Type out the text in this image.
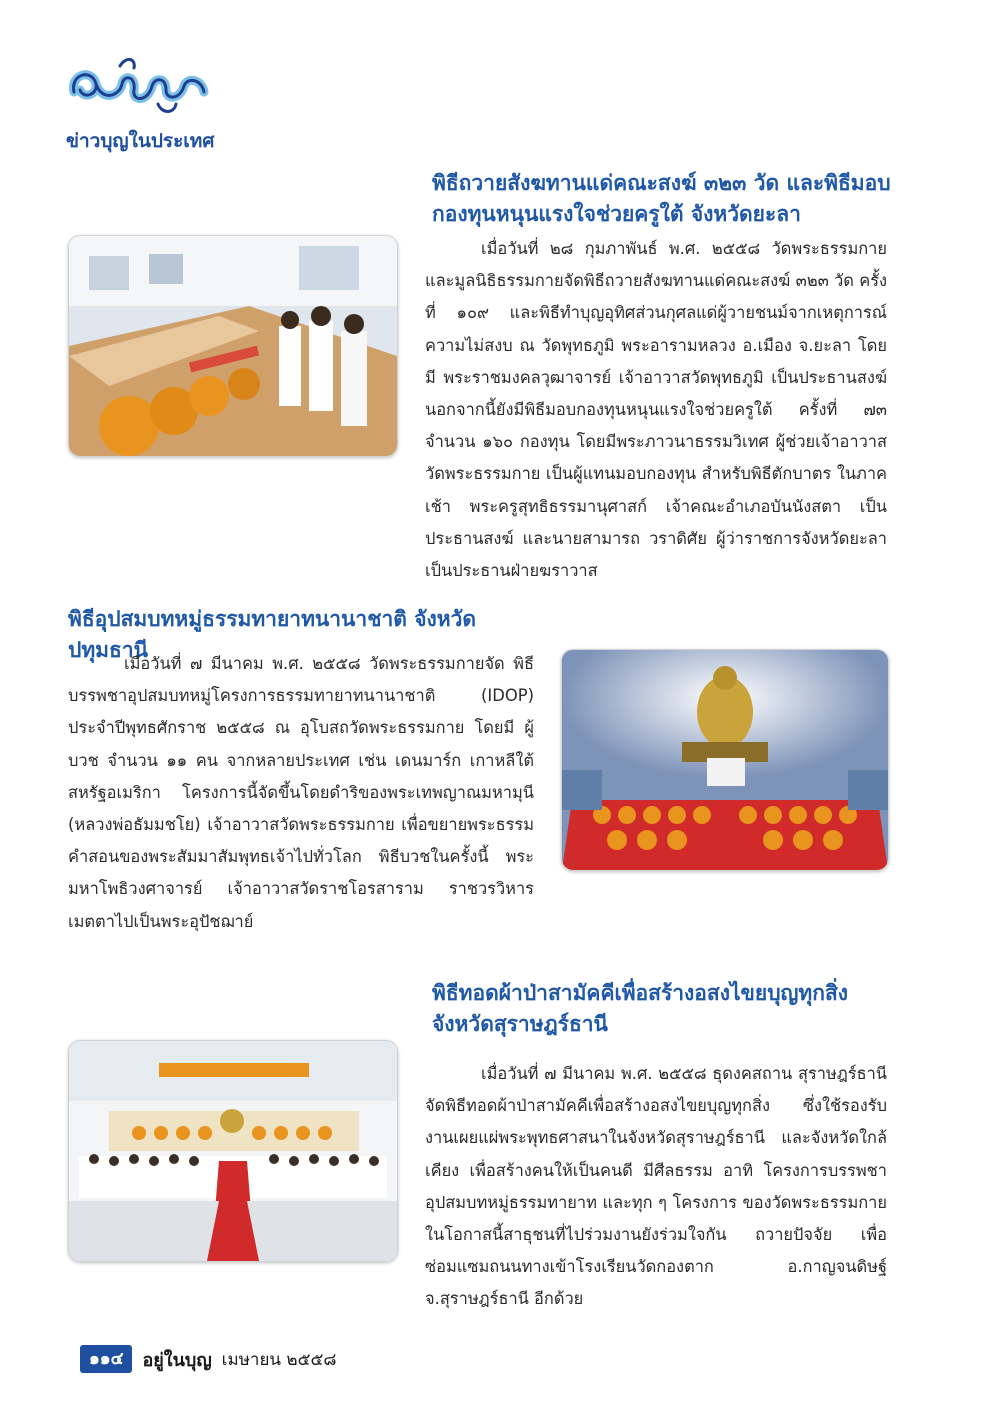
ข่าวบุญในประเทศ
พิธีถวายสังฆทานแด่คณะสงฆ์ ๓๒๓ วัด และพิธีมอบ
กองทุนหนุนแรงใจช่วยครูใต้ จังหวัดยะลา

เมื่อวันที่ ๒๘ กุมภาพันธ์ พ.ศ. ๒๕๕๘ วัดพระธรรมกาย และมูลนิธิธรรมกายจัดพิธีถวายสังฆทานแด่คณะสงฆ์ ๓๒๓ วัด ครั้งที่ ๑๐๙ และพิธีทำบุญอุทิศส่วนกุศลแด่ผู้วายชนม์จากเหตุการณ์ ความไม่สงบ ณ วัดพุทธภูมิ พระอารามหลวง อ.เมือง จ.ยะลา โดยมี พระราชมงคลวุฒาจารย์ เจ้าอาวาสวัดพุทธภูมิ เป็นประธานสงฆ์ นอกจากนี้ยังมีพิธีมอบกองทุนหนุนแรงใจช่วยครูใต้ ครั้งที่ ๗๓ จำนวน ๑๖๐ กองทุน โดยมีพระภาวนาธรรมวิเทศ ผู้ช่วยเจ้าอาวาส วัดพระธรรมกาย เป็นผู้แทนมอบกองทุน สำหรับพิธีตักบาตร ในภาคเช้า พระครูสุทธิธรรมานุศาสก์ เจ้าคณะอำเภอบันนังสตา เป็นประธานสงฆ์ และนายสามารถ วราดิศัย ผู้ว่าราชการจังหวัดยะลา เป็นประธานฝ่ายฆราวาส

พิธีอุปสมบทหมู่ธรรมทายาทนานาชาติ จังหวัดปทุมธานี

เมื่อวันที่ ๗ มีนาคม พ.ศ. ๒๕๕๘ วัดพระธรรมกายจัด พิธีบรรพชาอุปสมบทหมู่โครงการธรรมทายาทนานาชาติ (IDOP) ประจำปีพุทธศักราช ๒๕๕๘ ณ อุโบสถวัดพระธรรมกาย โดยมี ผู้บวช จำนวน ๑๑ คน จากหลายประเทศ เช่น เดนมาร์ก เกาหลีใต้ สหรัฐอเมริกา โครงการนี้จัดขึ้นโดยดำริของพระเทพญาณมหามุนี (หลวงพ่อธัมมชโย) เจ้าอาวาสวัดพระธรรมกาย เพื่อขยายพระธรรม คำสอนของพระสัมมาสัมพุทธเจ้าไปทั่วโลก พิธีบวชในครั้งนี้ พระมหาโพธิวงศาจารย์ เจ้าอาวาสวัดราชโอรสาราม ราชวรวิหาร เมตตาไปเป็นพระอุปัชฌาย์

พิธีทอดผ้าป่าสามัคคีเพื่อสร้างอสงไขยบุญทุกสิ่ง
จังหวัดสุราษฎร์ธานี

เมื่อวันที่ ๗ มีนาคม พ.ศ. ๒๕๕๘ ธุดงคสถาน สุราษฎร์ธานีจัดพิธีทอดผ้าป่าสามัคคีเพื่อสร้างอสงไขยบุญทุกสิ่ง ซึ่งใช้รองรับงานเผยแผ่พระพุทธศาสนาในจังหวัดสุราษฎร์ธานี และจังหวัดใกล้เคียง เพื่อสร้างคนให้เป็นคนดี มีศีลธรรม อาทิ โครงการบรรพชาอุปสมบทหมู่ธรรมทายาท และทุก ๆ โครงการ ของวัดพระธรรมกาย ในโอกาสนี้สาธุชนที่ไปร่วมงานยังร่วมใจกัน ถวายปัจจัย เพื่อซ่อมแซมถนนทางเข้าโรงเรียนวัดกองตาก อ.กาญจนดิษฐ์ จ.สุราษฎร์ธานี อีกด้วย

๑๑๔	อยู่ในบุญ เมษายน ๒๕๕๘
